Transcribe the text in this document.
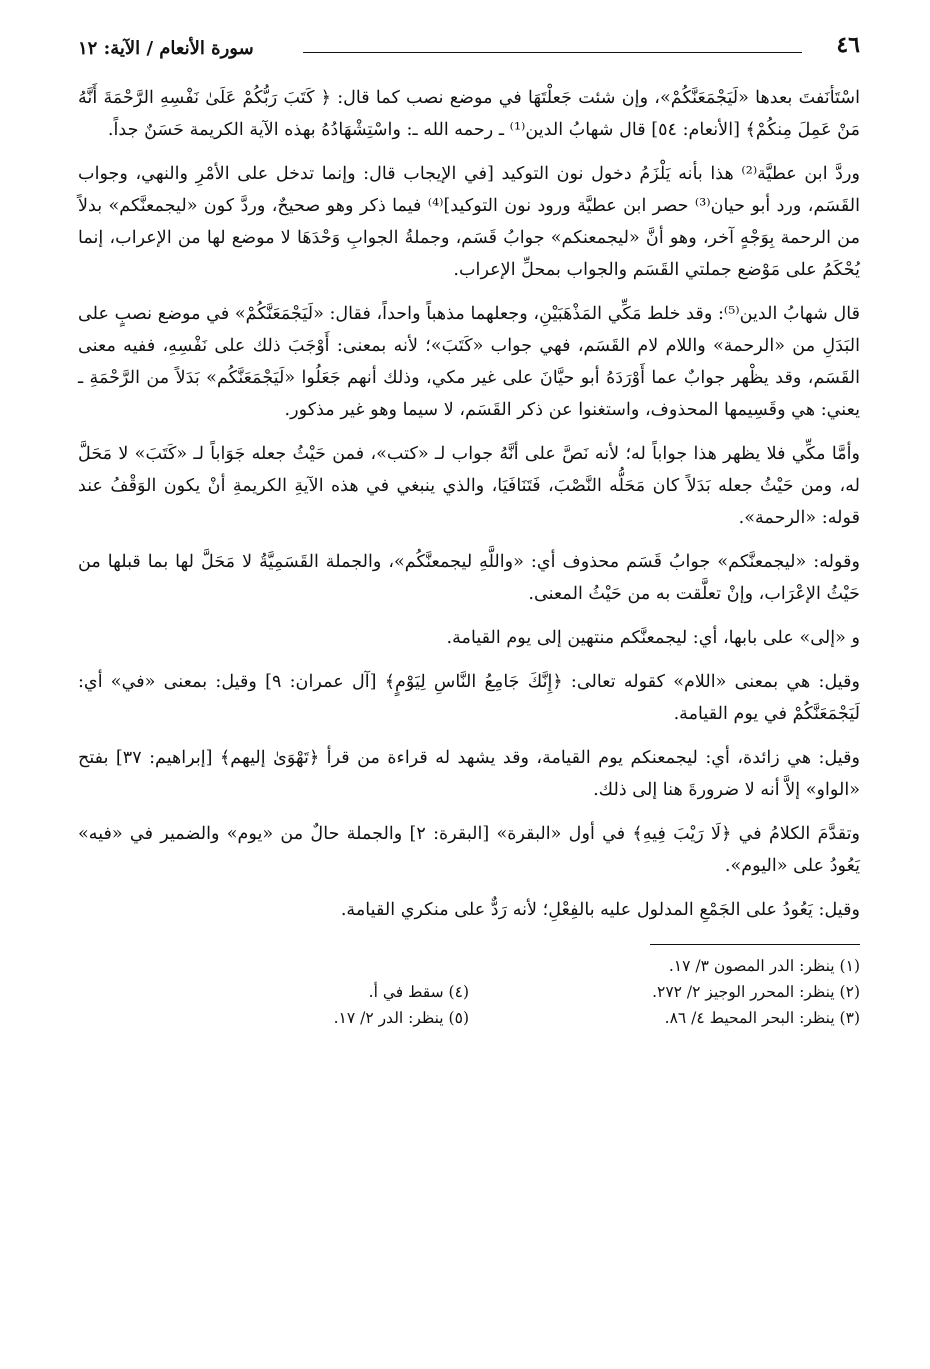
٤٦
سورة الأنعام / الآية: ١٢

اسْتَأنَفتَ بعدها «لَيَجْمَعَنَّكُمْ»، وإن شئت جَعلْتَهَا في موضع نصب كما قال: ﴿ كَتَبَ رَبُّكُمْ عَلَىٰ نَفْسِهِ الرَّحْمَةَ أَنَّهُ مَنْ عَمِلَ مِنكُمْ﴾ [الأنعام: ٥٤] قال شهابُ الدين⁽¹⁾ ـ رحمه الله ـ: واسْتِشْهَادُهُ بهذه الآية الكريمة حَسَنٌ جداً.

وردَّ ابن عطيَّة⁽²⁾ هذا بأنه يَلْزَمُ دخول نون التوكيد [في الإيجاب قال: وإنما تدخل على الأمْرِ والنهي، وجواب القَسَم، ورد أبو حيان⁽³⁾ حصر ابن عطيَّة ورود نون التوكيد]⁽⁴⁾ فيما ذكر وهو صحيحٌ، وردَّ كون «ليجمعنَّكم» بدلاً من الرحمة بِوَجْهٍ آخر، وهو أنَّ «ليجمعنكم» جوابُ قَسَم، وجملةُ الجوابِ وَحْدَهَا لا موضع لها من الإعراب، إنما يُحْكَمُ على مَوْضع جملتي القَسَم والجواب بمحلِّ الإعراب.

قال شهابُ الدين⁽⁵⁾: وقد خلط مَكِّي المَذْهَبَيْنِ، وجعلهما مذهباً واحداً، فقال: «لَيَجْمَعَنَّكُمْ» في موضع نصبٍ على البَدَلِ من «الرحمة» واللام لام القَسَم، فهي جواب «كَتَبَ»؛ لأنه بمعنى: أَوْجَبَ ذلك على نَفْسِهِ، ففيه معنى القَسَم، وقد يظْهر جوابٌ عما أَوْرَدَهُ أبو حيَّانَ على غير مكي، وذلك أنهم جَعَلُوا «لَيَجْمَعَنَّكُم» بَدَلاً من الرَّحْمَةِ ـ يعني: هي وقَسِيمها المحذوف، واستغنوا عن ذكر القَسَم، لا سيما وهو غير مذكور.

وأمَّا مكِّي فلا يظهر هذا جواباً له؛ لأنه نَصَّ على أنَّهُ جواب لـ «كتب»، فمن حَيْثُ جعله جَوَاباً لـ «كَتَبَ» لا مَحَلَّ له، ومن حَيْثُ جعله بَدَلاً كان مَحَلُّه النَّصْبَ، فَتَنَافَيَا، والذي ينبغي في هذه الآيةِ الكريمةِ أنْ يكون الوَقْفُ عند قوله: «الرحمة».

وقوله: «ليجمعنَّكم» جوابُ قَسَم محذوف أي: «واللَّهِ ليجمعنَّكُم»، والجملة القَسَمِيَّةُ لا مَحَلَّ لها بما قبلها من حَيْثُ الإعْرَاب، وإنْ تعلَّقت به من حَيْثُ المعنى.

و «إلى» على بابها، أي: ليجمعنَّكم منتهين إلى يوم القيامة.

وقيل: هي بمعنى «اللام» كقوله تعالى: ﴿إِنَّكَ جَامِعُ النَّاسِ لِيَوْمٍ﴾ [آل عمران: ٩] وقيل: بمعنى «في» أي: لَيَجْمَعَنَّكُمْ في يوم القيامة.

وقيل: هي زائدة، أي: ليجمعنكم يوم القيامة، وقد يشهد له قراءة من قرأ ﴿تَهْوَىٰ إليهم﴾ [إبراهيم: ٣٧] بفتح «الواو» إلاَّ أنه لا ضرورةَ هنا إلى ذلك.

وتقدَّمَ الكلامُ في ﴿لَا رَيْبَ فِيهِ﴾ في أول «البقرة» [البقرة: ٢] والجملة حالٌ من «يوم» والضمير في «فيه» يَعُودُ على «اليوم».

وقيل: يَعُودُ على الجَمْعِ المدلول عليه بالفِعْلِ؛ لأنه رَدٌّ على منكري القيامة.

(١) ينظر: الدر المصون ٣/ ١٧.
(٢) ينظر: المحرر الوجيز ٢/ ٢٧٢.
(٣) ينظر: البحر المحيط ٤/ ٨٦.
(٤) سقط في أ.
(٥) ينظر: الدر ٢/ ١٧.
